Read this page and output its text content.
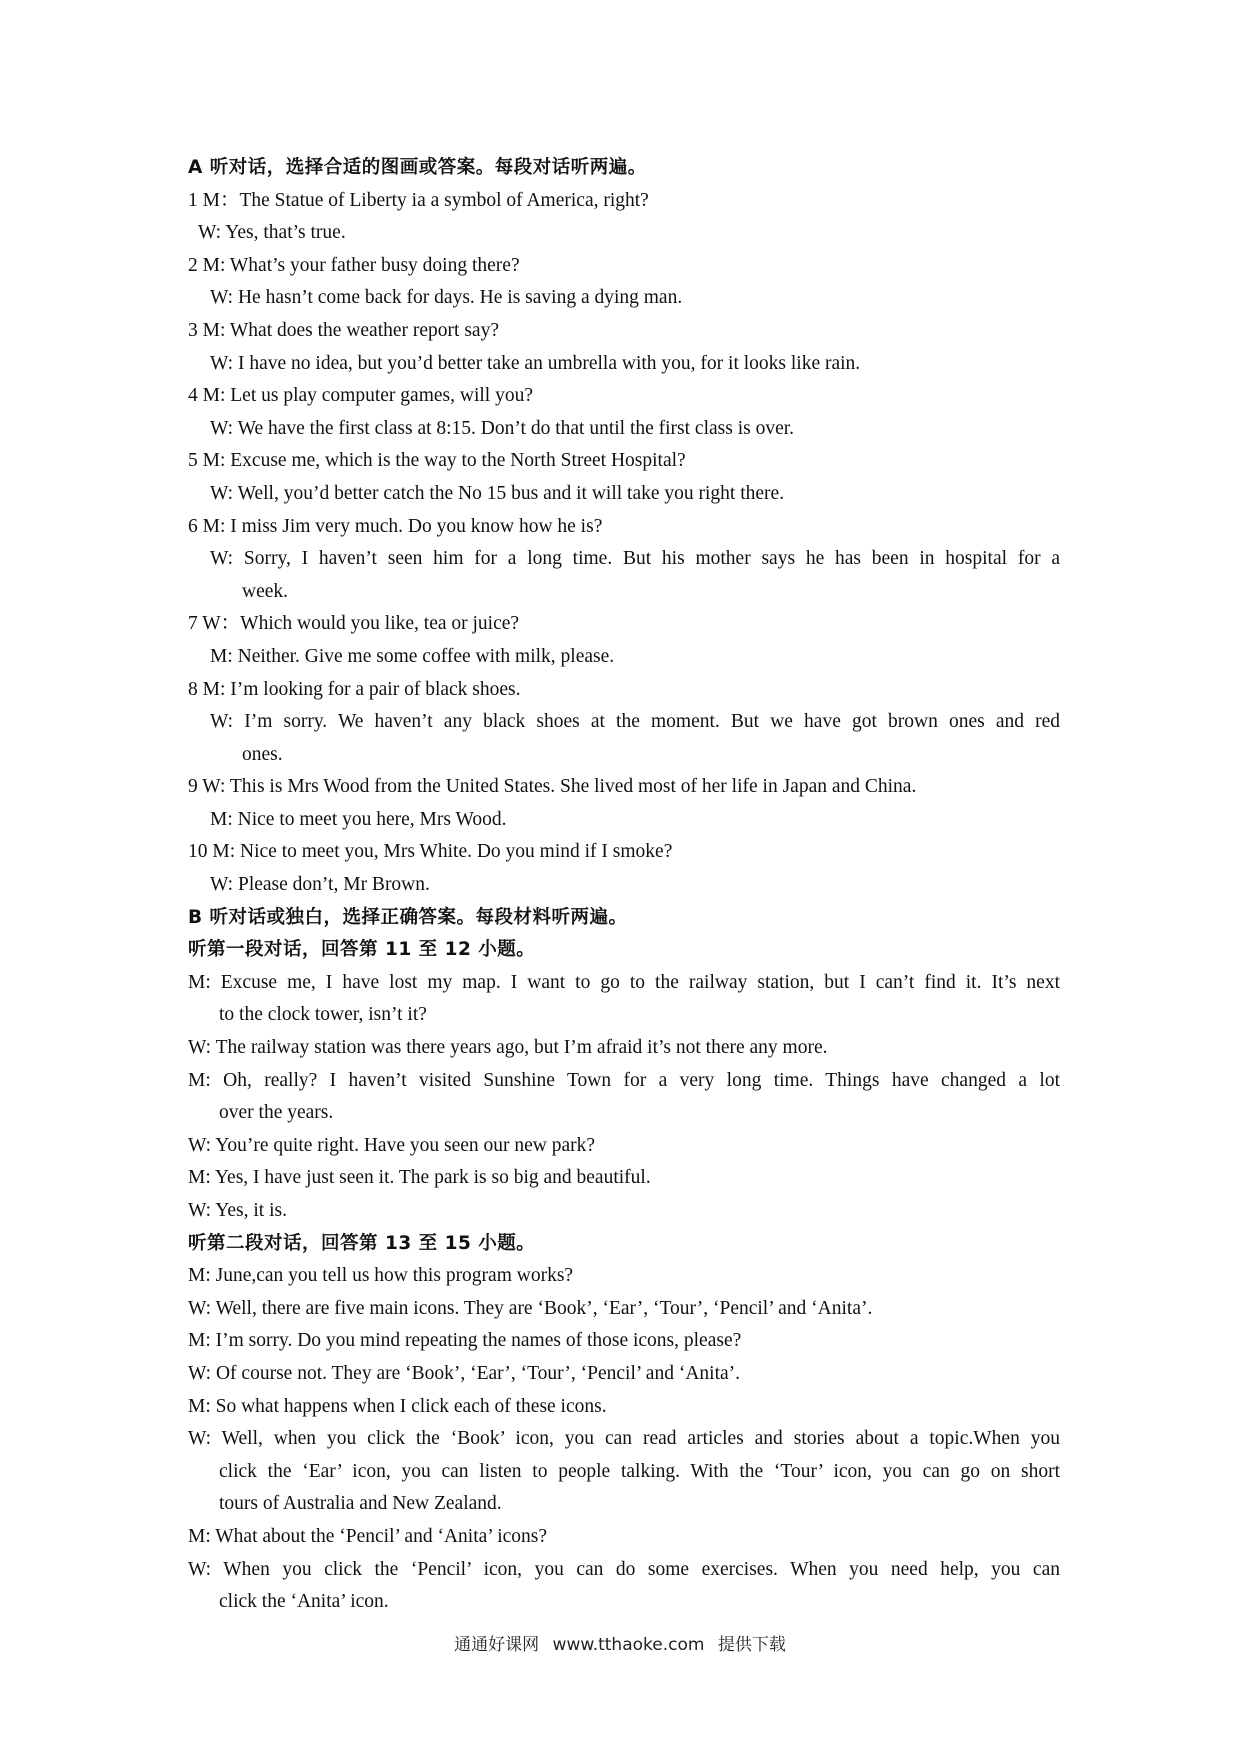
A 听对话，选择合适的图画或答案。每段对话听两遍。
1 M：The Statue of Liberty ia a symbol of America, right?
W: Yes, that’s true.
2 M: What’s your father busy doing there?
W: He hasn’t come back for days. He is saving a dying man.
3 M: What does the weather report say?
W: I have no idea, but you’d better take an umbrella with you, for it looks like rain.
4 M: Let us play computer games, will you?
W: We have the first class at 8:15. Don’t do that until the first class is over.
5 M: Excuse me, which is the way to the North Street Hospital?
W: Well, you’d better catch the No 15 bus and it will take you right there.
6 M: I miss Jim very much. Do you know how he is?
W: Sorry, I haven’t seen him for a long time. But his mother says he has been in hospital for a
week.
7 W：Which would you like, tea or juice?
M: Neither. Give me some coffee with milk, please.
8 M: I’m looking for a pair of black shoes.
W: I’m sorry. We haven’t any black shoes at the moment. But we have got brown ones and red
ones.
9 W: This is Mrs Wood from the United States. She lived most of her life in Japan and China.
M: Nice to meet you here, Mrs Wood.
10 M: Nice to meet you, Mrs White. Do you mind if I smoke?
W: Please don’t, Mr Brown.
B 听对话或独白，选择正确答案。每段材料听两遍。
听第一段对话，回答第 11 至 12 小题。
M: Excuse me, I have lost my map. I want to go to the railway station, but I can’t find it. It’s next
to the clock tower, isn’t it?
W: The railway station was there years ago, but I’m afraid it’s not there any more.
M: Oh, really? I haven’t visited Sunshine Town for a very long time. Things have changed a lot
over the years.
W: You’re quite right. Have you seen our new park?
M: Yes, I have just seen it. The park is so big and beautiful.
W: Yes, it is.
听第二段对话，回答第 13 至 15 小题。
M: June,can you tell us how this program works?
W: Well, there are five main icons. They are ‘Book’, ‘Ear’, ‘Tour’, ‘Pencil’ and ‘Anita’.
M: I’m sorry. Do you mind repeating the names of those icons, please?
W: Of course not. They are ‘Book’, ‘Ear’, ‘Tour’, ‘Pencil’ and ‘Anita’.
M: So what happens when I click each of these icons.
W: Well, when you click the ‘Book’ icon, you can read articles and stories about a topic.When you
click the ‘Ear’ icon, you can listen to people talking. With the ‘Tour’ icon, you can go on short
tours of Australia and New Zealand.
M: What about the ‘Pencil’ and ‘Anita’ icons?
W: When you click the ‘Pencil’ icon, you can do some exercises. When you need help, you can
click the ‘Anita’ icon.
通通好课网 www.tthaoke.com 提供下载
